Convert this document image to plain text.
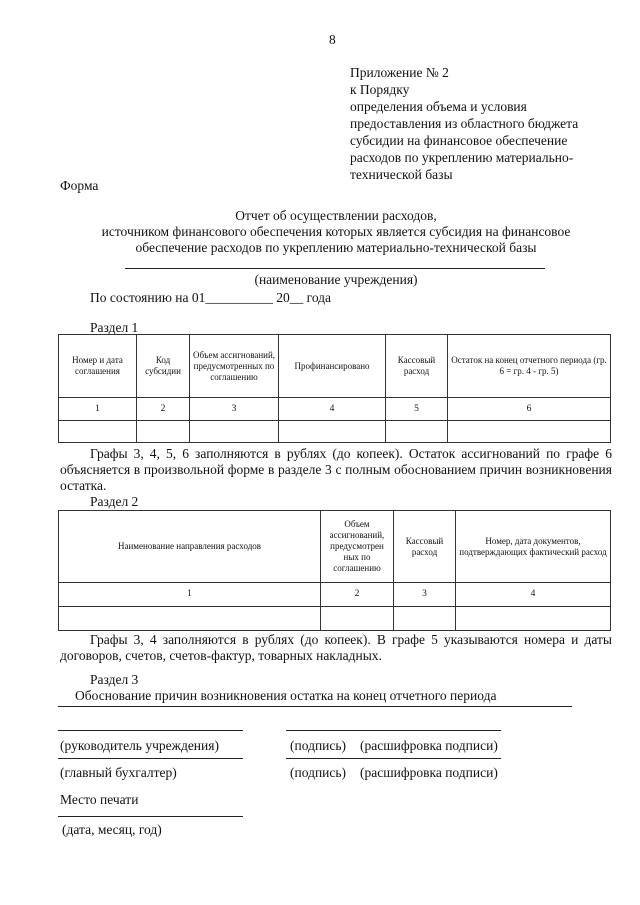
8
Приложение № 2
к Порядку
определения объема и условия
предоставления из областного бюджета
субсидии на финансовое обеспечение
расходов по укреплению материально-
технической базы
Форма
Отчет об осуществлении расходов,
источником финансового обеспечения которых является субсидия на финансовое
обеспечение расходов по укреплению материально-технической базы
(наименование учреждения)
По состоянию на 01__________ 20__ года
Раздел 1
Номер и дата соглашения	Код субсидии	Объем ассигнований, предусмотренных по соглашению	Профинансировано	Кассовый расход	Остаток на конец отчетного периода (гр. 6 = гр. 4 - гр. 5)
1	2	3	4	5	6

Графы 3, 4, 5, 6 заполняются в рублях (до копеек). Остаток ассигнований по графе 6 объясняется в произвольной форме в разделе 3 с полным обоснованием причин возникновения остатка.
Раздел 2
Наименование направления расходов	Объем ассигнований, предусмотрен ных по соглашению	Кассовый расход	Номер, дата документов, подтверждающих фактический расход
1	2	3	4

Графы 3, 4 заполняются в рублях (до копеек). В графе 5 указываются номера и даты договоров, счетов, счетов-фактур, товарных накладных.
Раздел 3
Обоснование причин возникновения остатка на конец отчетного периода
(руководитель учреждения)	(подпись) (расшифровка подписи)
(главный бухгалтер)	(подпись) (расшифровка подписи)
Место печати
(дата, месяц, год)
